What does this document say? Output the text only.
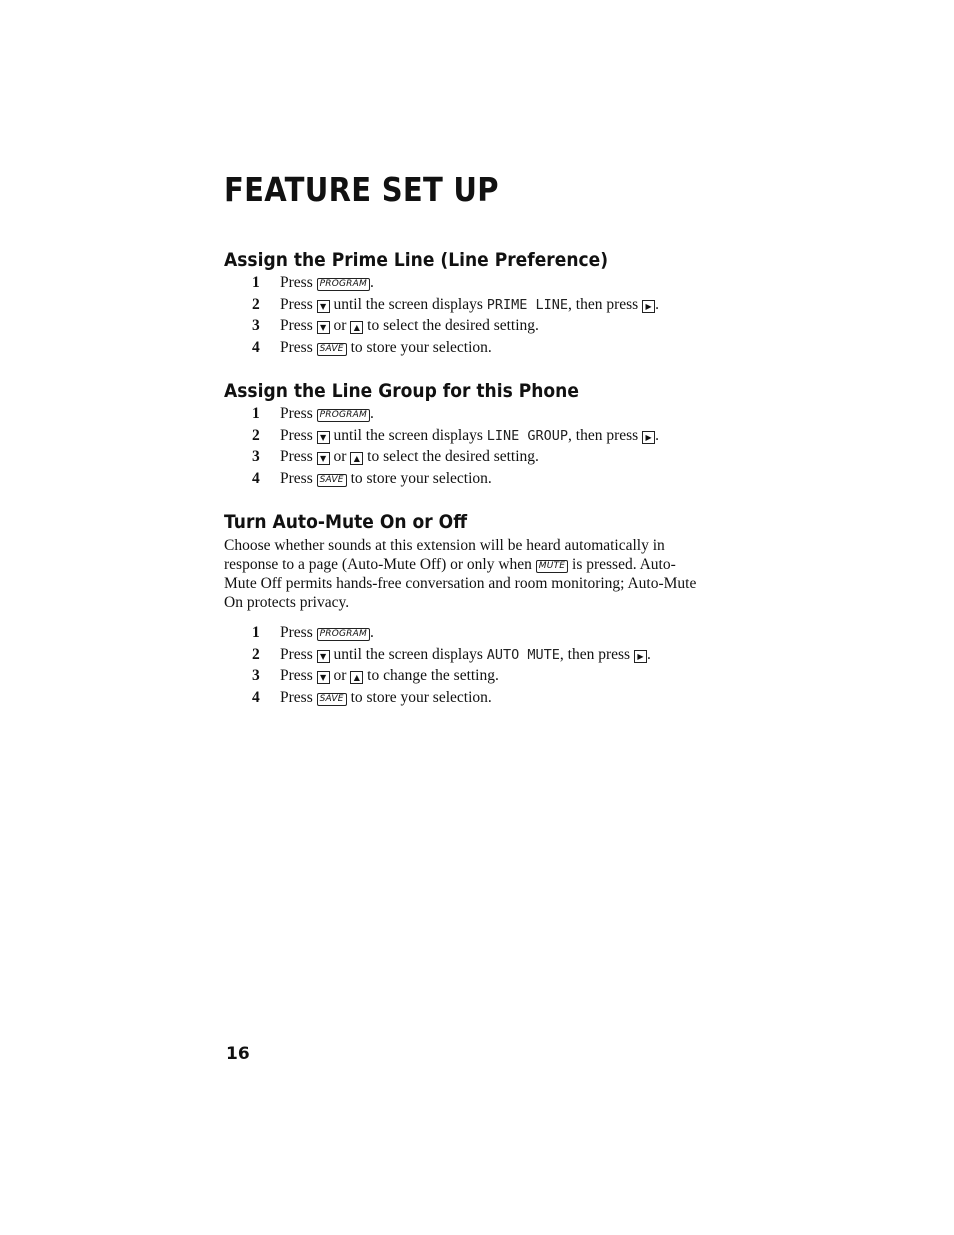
FEATURE SET UP
Assign the Prime Line (Line Preference)
1 Press PROGRAM .
2 Press ▼ until the screen displays PRIME LINE, then press ▶ .
3 Press ▼ or ▲ to select the desired setting.
4 Press SAVE to store your selection.
Assign the Line Group for this Phone
1 Press PROGRAM .
2 Press ▼ until the screen displays LINE GROUP, then press ▶ .
3 Press ▼ or ▲ to select the desired setting.
4 Press SAVE to store your selection.
Turn Auto-Mute On or Off

Choose whether sounds at this extension will be heard automatically in response to a page (Auto-Mute Off) or only when MUTE is pressed. Auto-Mute Off permits hands-free conversation and room monitoring; Auto-Mute On protects privacy.

1 Press PROGRAM .
2 Press ▼ until the screen displays AUTO MUTE, then press ▶ .
3 Press ▼ or ▲ to change the setting.
4 Press SAVE to store your selection.
16
